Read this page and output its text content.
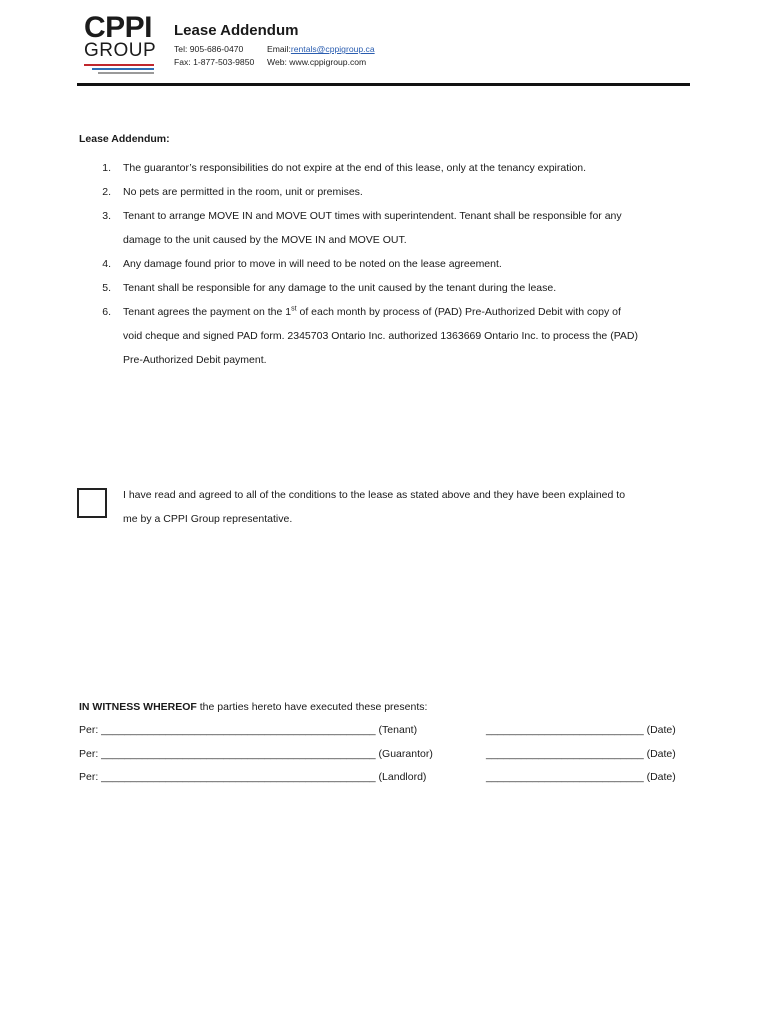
CPPI
GROUP
Lease Addendum
Tel: 905-686-0470	Email: rentals@cppigroup.ca
Fax: 1-877-503-9850	Web: www.cppigroup.com
Lease Addendum:
1.	The guarantor’s responsibilities do not expire at the end of this lease, only at the tenancy expiration.
2.	No pets are permitted in the room, unit or premises.
3.	Tenant to arrange MOVE IN and MOVE OUT times with superintendent. Tenant shall be responsible for any
damage to the unit caused by the MOVE IN and MOVE OUT.
4.	Any damage found prior to move in will need to be noted on the lease agreement.
5.	Tenant shall be responsible for any damage to the unit caused by the tenant during the lease.
6.	Tenant agrees the payment on the 1st of each month by process of (PAD) Pre-Authorized Debit with copy of
void cheque and signed PAD form. 2345703 Ontario Inc. authorized 1363669 Ontario Inc. to process the (PAD)
Pre-Authorized Debit payment.
I have read and agreed to all of the conditions to the lease as stated above and they have been explained to
me by a CPPI Group representative.
IN WITNESS WHEREOF the parties hereto have executed these presents:
Per: _______________________________________________ (Tenant)	___________________________ (Date)
Per: _______________________________________________ (Guarantor)	___________________________ (Date)
Per: _______________________________________________ (Landlord)	___________________________ (Date)
